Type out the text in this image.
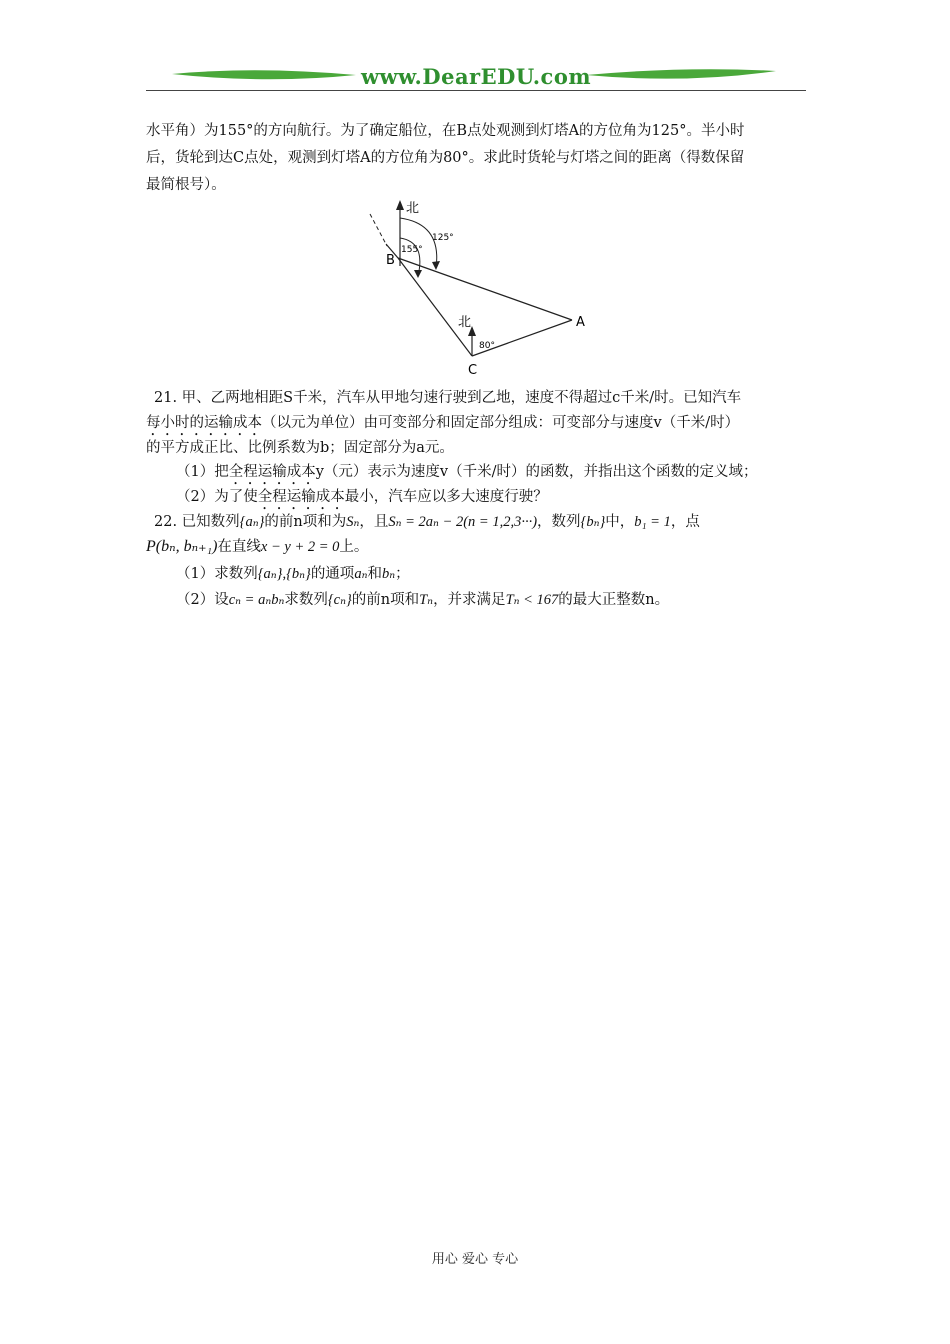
www.DearEDU.com
水平角）为155°的方向航行。为了确定船位，在B点处观测到灯塔A的方位角为125°。半小时
后，货轮到达C点处，观测到灯塔A的方位角为80°。求此时货轮与灯塔之间的距离（得数保留
最简根号）。
北
125°
155°
北
80°
B
A
C
21. 甲、乙两地相距S千米，汽车从甲地匀速行驶到乙地，速度不得超过c千米/时。已知汽车
每小时的运输成本（以元为单位）由可变部分和固定部分组成：可变部分与速度v（千米/时）
的平方成正比、比例系数为b；固定部分为a元。
（1）把全程运输成本y（元）表示为速度v（千米/时）的函数，并指出这个函数的定义域；
（2）为了使全程运输成本最小，汽车应以多大速度行驶？
22. 已知数列{aₙ}的前n项和为Sₙ，且Sₙ = 2aₙ − 2(n = 1,2,3···)，数列{bₙ}中，b₁ = 1，点
P(bₙ, bₙ₊₁)在直线x − y + 2 = 0上。
（1）求数列{aₙ},{bₙ}的通项aₙ和bₙ；
（2）设cₙ = aₙbₙ求数列{cₙ}的前n项和Tₙ，并求满足Tₙ < 167的最大正整数n。
用心 爱心 专心
